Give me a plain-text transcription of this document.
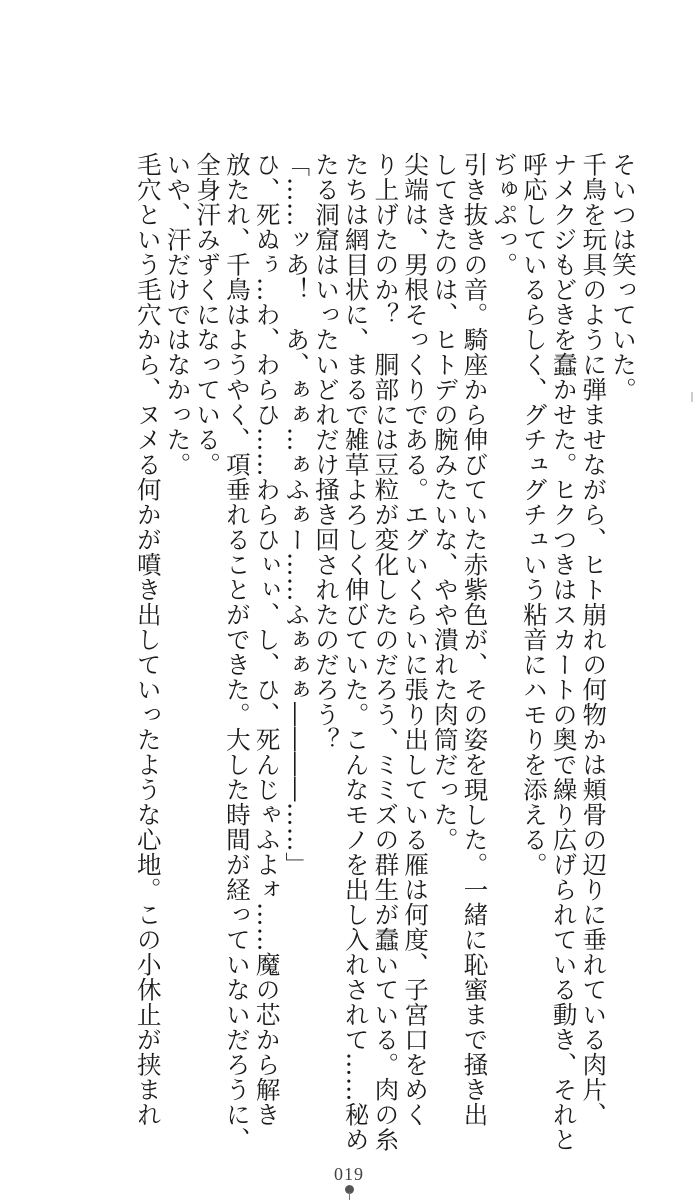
そいつは笑っていた。
千鳥を玩具のように弾ませながら、ヒト崩れの何物かは頬骨の辺りに垂れている肉片、
ナメクジもどきを蠢かせた。ヒクつきはスカートの奥で繰り広げられている動き、それと
呼応しているらしく、グチュグチュいう粘音にハモりを添える。
ぢゅぷっ。
引き抜きの音。騎座から伸びていた赤紫色が、その姿を現した。一緒に恥蜜まで掻き出
してきたのは、ヒトデの腕みたいな、やや潰れた肉筒だった。
尖端は、男根そっくりである。エグいくらいに張り出している雁は何度、子宮口をめく
り上げたのか？　胴部には豆粒が変化したのだろう、ミミズの群生が蠢いている。肉の糸
たちは網目状に、まるで雑草よろしく伸びていた。こんなモノを出し入れされて……秘め
たる洞窟はいったいどれだけ掻き回されたのだろう？
「……ッあ！　あ、ぁぁ…ぁふぁー……ふぁぁぁ――――……」
ひ、死ぬぅ…わ、わらひ……わらひぃぃ、し、ひ、死んじゃふよォ……魔の芯から解き
放たれ、千鳥はようやく、項垂れることができた。大した時間が経っていないだろうに、
全身汗みずくになっている。
いや、汗だけではなかった。
毛穴という毛穴から、ヌメる何かが噴き出していったような心地。この小休止が挟まれ
019
